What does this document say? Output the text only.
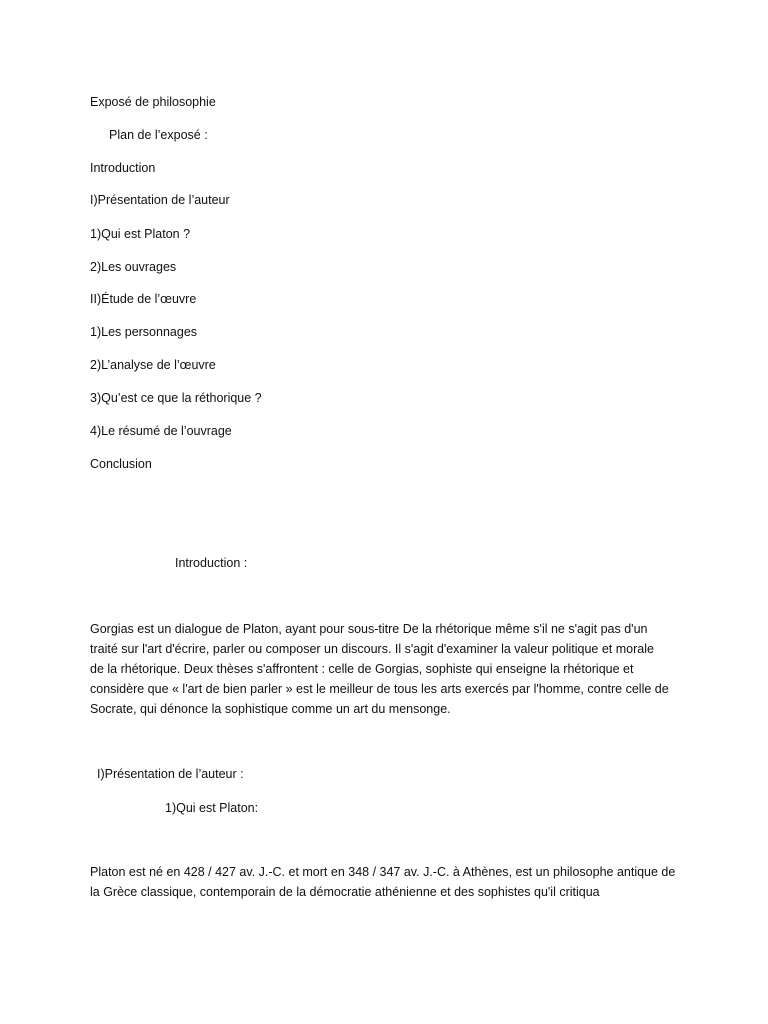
Exposé de philosophie
Plan de l’exposé :
Introduction
I)Présentation de l’auteur
1)Qui est Platon ?
2)Les ouvrages
II)Étude de l’œuvre
1)Les personnages
2)L’analyse de l’œuvre
3)Qu’est ce que la réthorique ?
4)Le résumé de l’ouvrage
Conclusion
Introduction :
Gorgias est un dialogue de Platon, ayant pour sous-titre De la rhétorique même s'il ne s'agit pas d'un
traité sur l'art d'écrire, parler ou composer un discours. Il s'agit d'examiner la valeur politique et morale
de la rhétorique. Deux thèses s'affrontent : celle de Gorgias, sophiste qui enseigne la rhétorique et
considère que « l'art de bien parler » est le meilleur de tous les arts exercés par l'homme, contre celle de
Socrate, qui dénonce la sophistique comme un art du mensonge.
I)Présentation de l’auteur :
1)Qui est Platon:
Platon est né en 428 / 427 av. J.-C. et mort en 348 / 347 av. J.-C. à Athènes, est un philosophe antique de
la Grèce classique, contemporain de la démocratie athénienne et des sophistes qu'il critiqua
